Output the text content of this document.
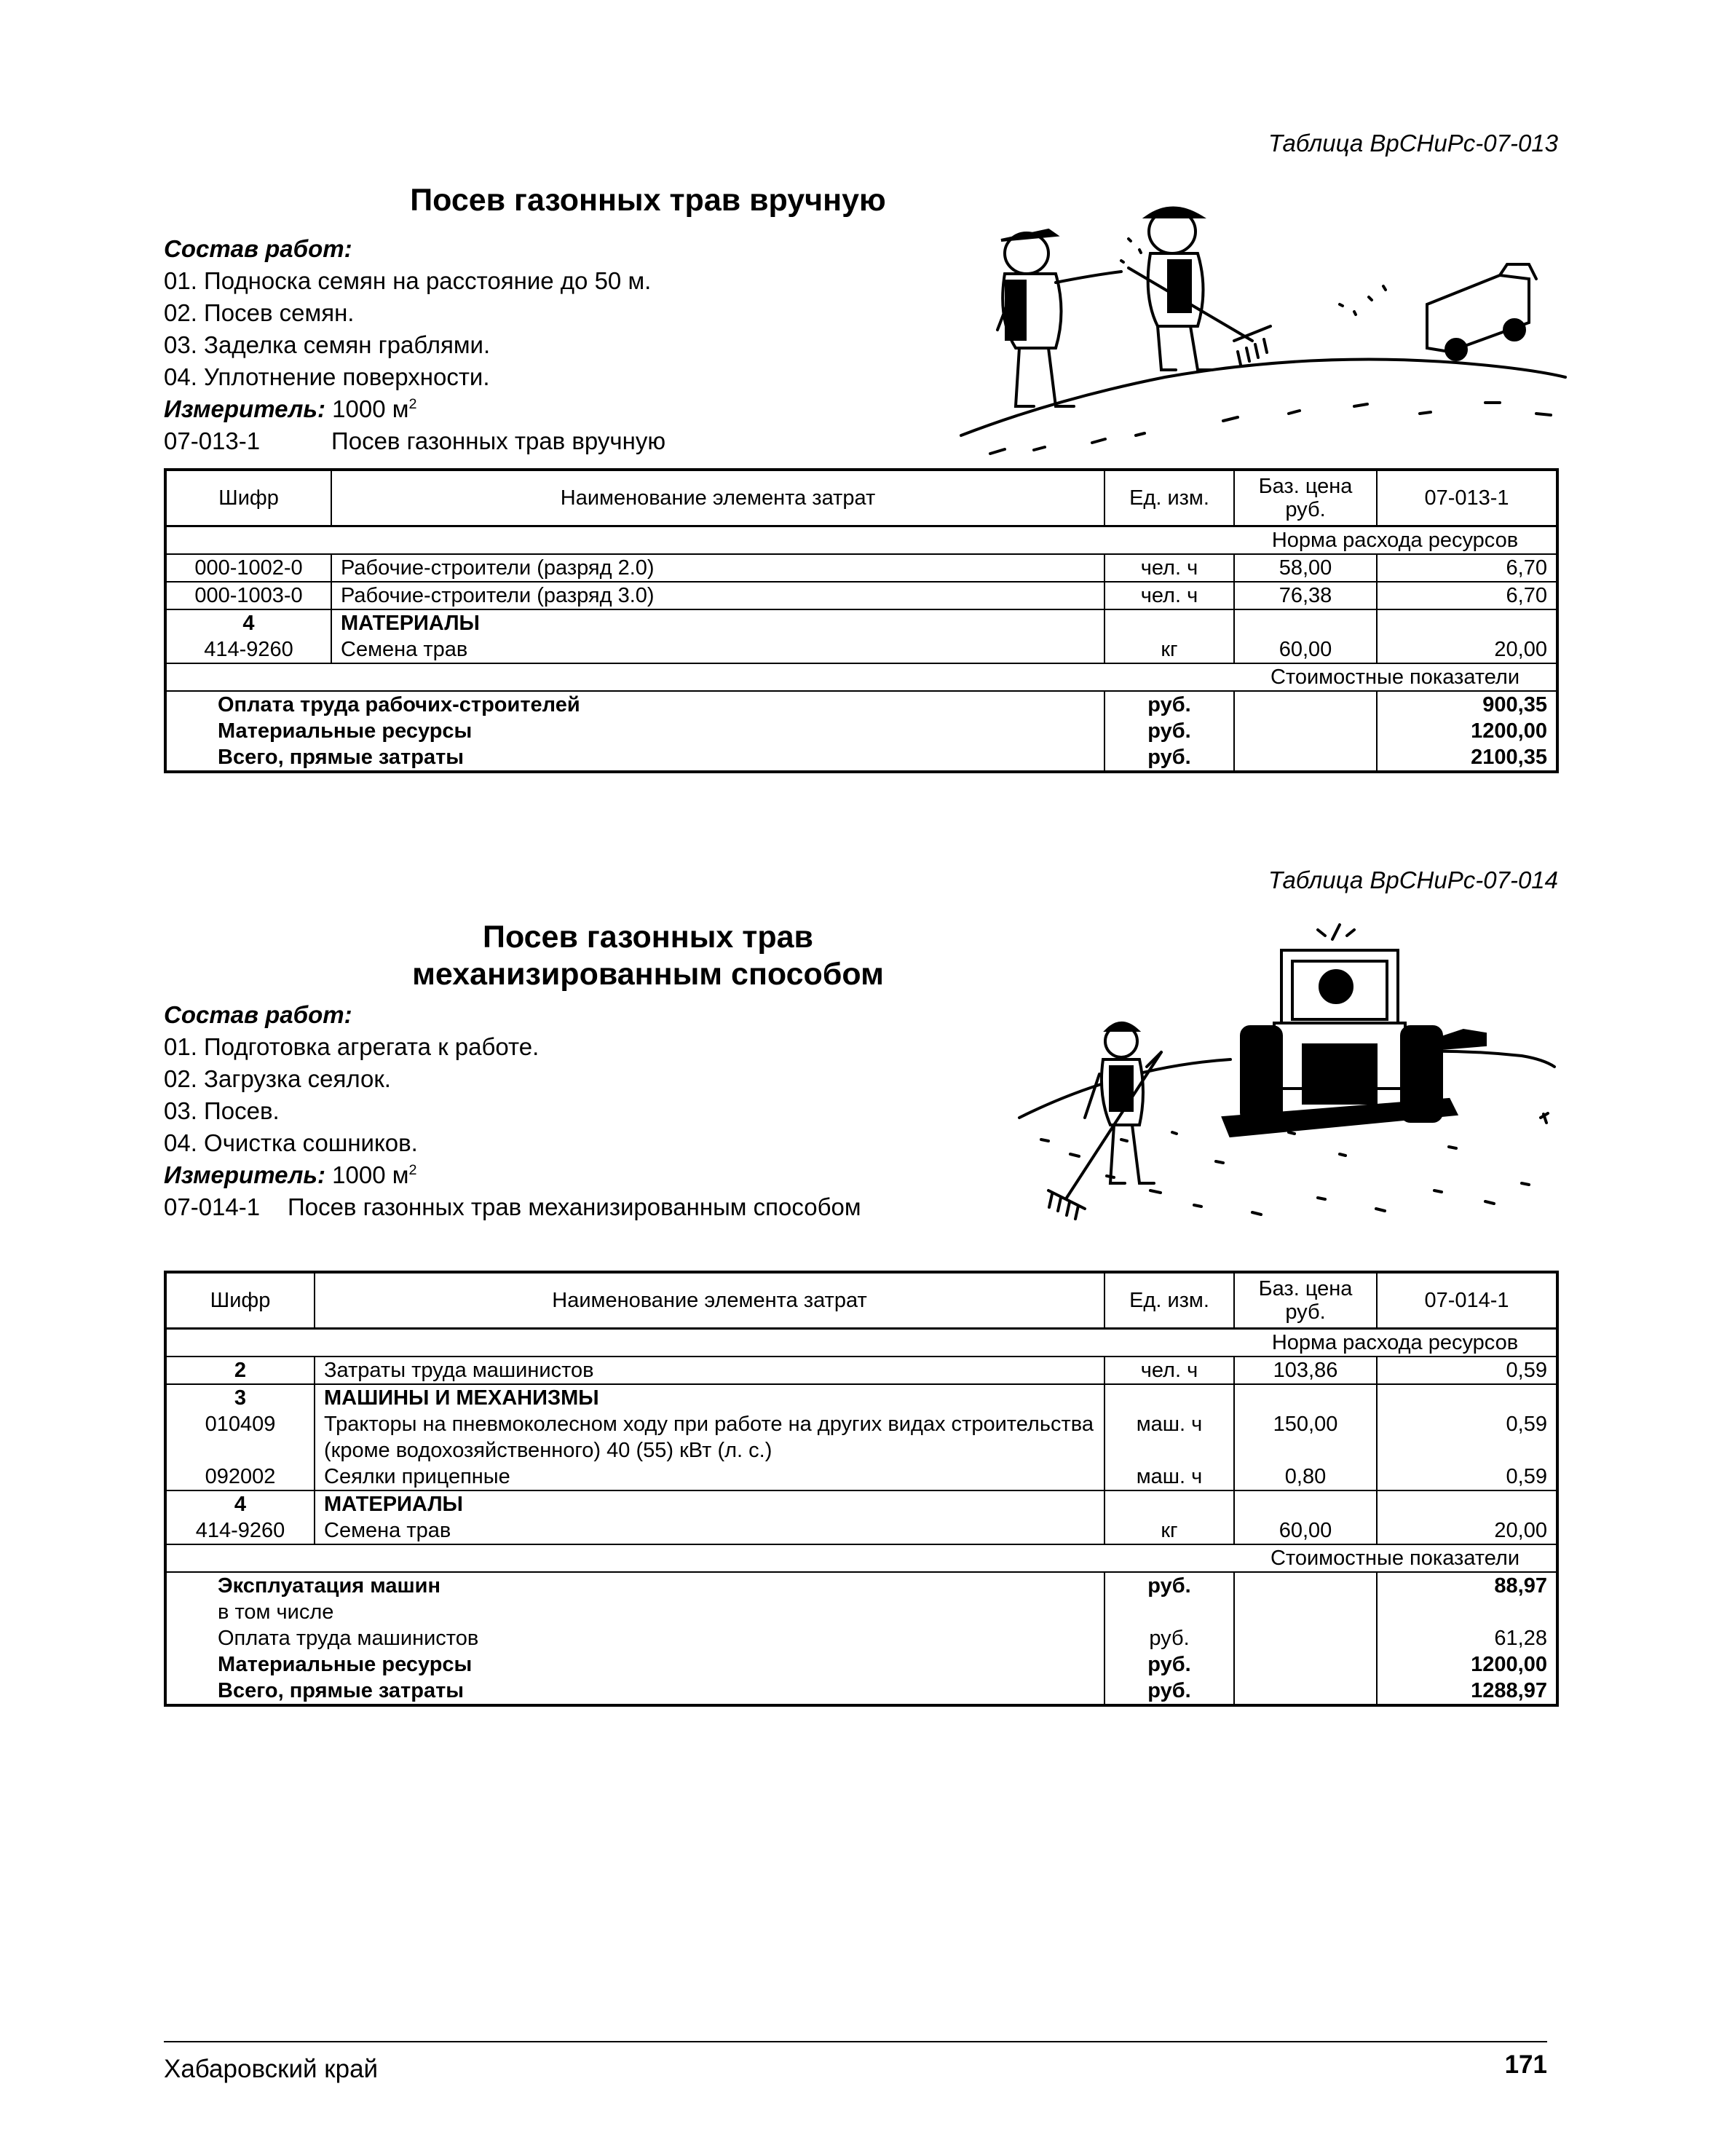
Таблица ВрСНиРс-07-013
Посев газонных трав вручную
Состав работ:
01. Подноска семян на расстояние до 50 м.
02. Посев семян.
03. Заделка семян граблями.
04. Уплотнение поверхности.
Измеритель: 1000 $м^2$
07-013-1	Посев газонных трав вручную
Шифр	Наименование элемента затрат	Ед. изм.	Баз. цена руб.	07-013-1
			Норма расхода ресурсов	
000-1002-0	Рабочие-строители (разряд 2.0)	чел. ч	58,00	6,70
000-1003-0	Рабочие-строители (разряд 3.0)	чел. ч	76,38	6,70
4	МАТЕРИАЛЫ			
414-9260	Семена трав	кг	60,00	20,00
			Стоимостные показатели	
Оплата труда рабочих-строителей		руб.		900,35
Материальные ресурсы		руб.		1200,00
Всего, прямые затраты		руб.		2100,35
Таблица ВрСНиРс-07-014
Посев газонных трав
механизированным способом
Состав работ:
01. Подготовка агрегата к работе.
02. Загрузка сеялок.
03. Посев.
04. Очистка сошников.
Измеритель: 1000 $м^2$
07-014-1 Посев газонных трав механизированным способом
Шифр	Наименование элемента затрат	Ед. изм.	Баз. цена руб.	07-014-1
			Норма расхода ресурсов	
2	Затраты труда машинистов	чел. ч	103,86	0,59
3	МАШИНЫ И МЕХАНИЗМЫ			
010409	Тракторы на пневмоколесном ходу при работе на других видах строительства (кроме водохозяйственного) 40 (55) кВт (л. с.)	маш. ч	150,00	0,59
092002	Сеялки прицепные	маш. ч	0,80	0,59
4	МАТЕРИАЛЫ			
414-9260	Семена трав	кг	60,00	20,00
			Стоимостные показатели	
Эксплуатация машин		руб.		88,97
в том числе				
Оплата труда машинистов		руб.		61,28
Материальные ресурсы		руб.		1200,00
Всего, прямые затраты		руб.		1288,97
Хабаровский край	171
